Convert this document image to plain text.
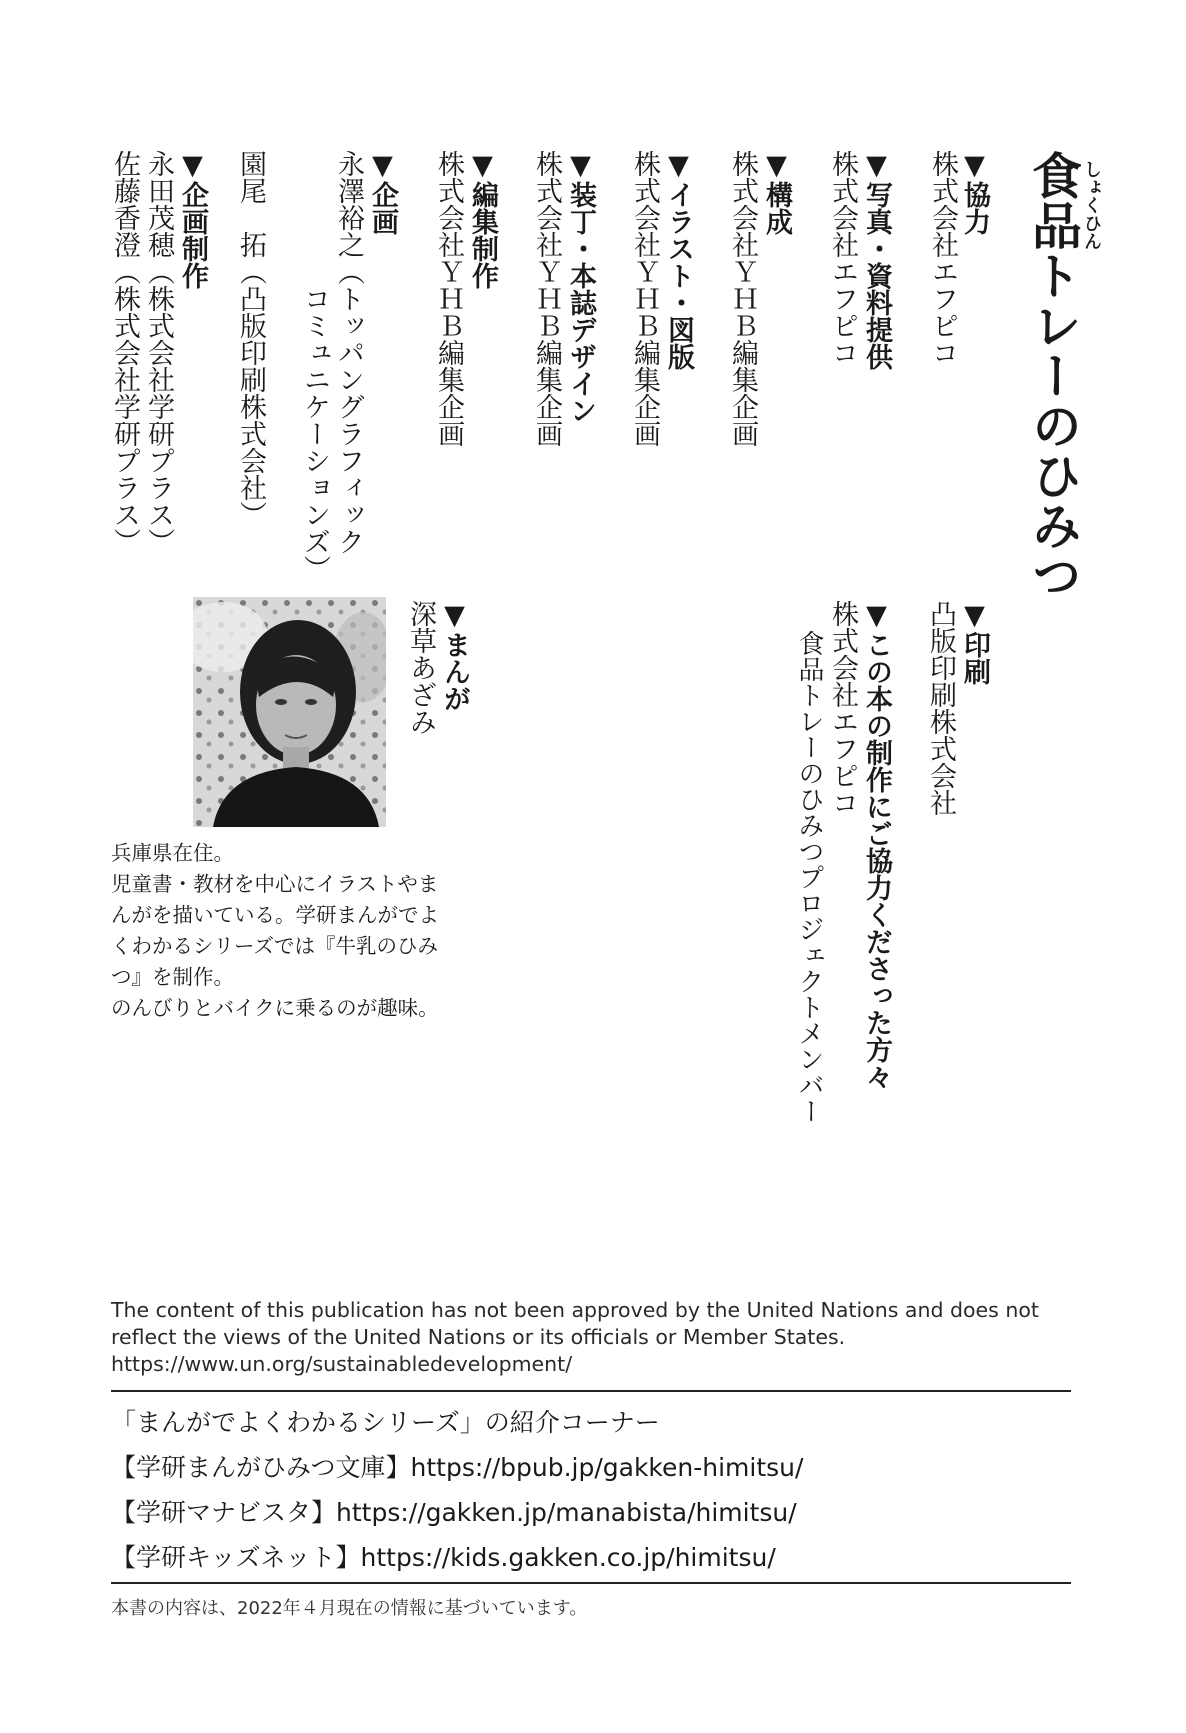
食品トレーのひみつ しょくひん
▼協力
株式会社エフピコ
▼写真・資料提供
株式会社エフピコ
▼構成
株式会社ＹＨＢ編集企画
▼イラスト・図版
株式会社ＹＨＢ編集企画
▼装丁・本誌デザイン
株式会社ＹＨＢ編集企画
▼編集制作
株式会社ＹＨＢ編集企画
▼企画
永澤裕之（トッパングラフィック
　　　　　コミュニケーションズ）
園尾　拓（凸版印刷株式会社）
▼企画制作
永田茂穂（株式会社学研プラス）
佐藤香澄（株式会社学研プラス）
▼印刷
凸版印刷株式会社
▼この本の制作にご協力くださった方々
株式会社エフピコ
食品トレーのひみつプロジェクトメンバー
▼まんが
深草あざみ
兵庫県在住。
児童書・教材を中心にイラストやま
んがを描いている。学研まんがでよ
くわかるシリーズでは『牛乳のひみ
つ』を制作。
のんびりとバイクに乗るのが趣味。
The content of this publication has not been approved by the United Nations and does not
reflect the views of the United Nations or its officials or Member States.
https://www.un.org/sustainabledevelopment/
「まんがでよくわかるシリーズ」の紹介コーナー
【学研まんがひみつ文庫】https://bpub.jp/gakken-himitsu/
【学研マナビスタ】https://gakken.jp/manabista/himitsu/
【学研キッズネット】https://kids.gakken.co.jp/himitsu/
本書の内容は、2022年４月現在の情報に基づいています。
